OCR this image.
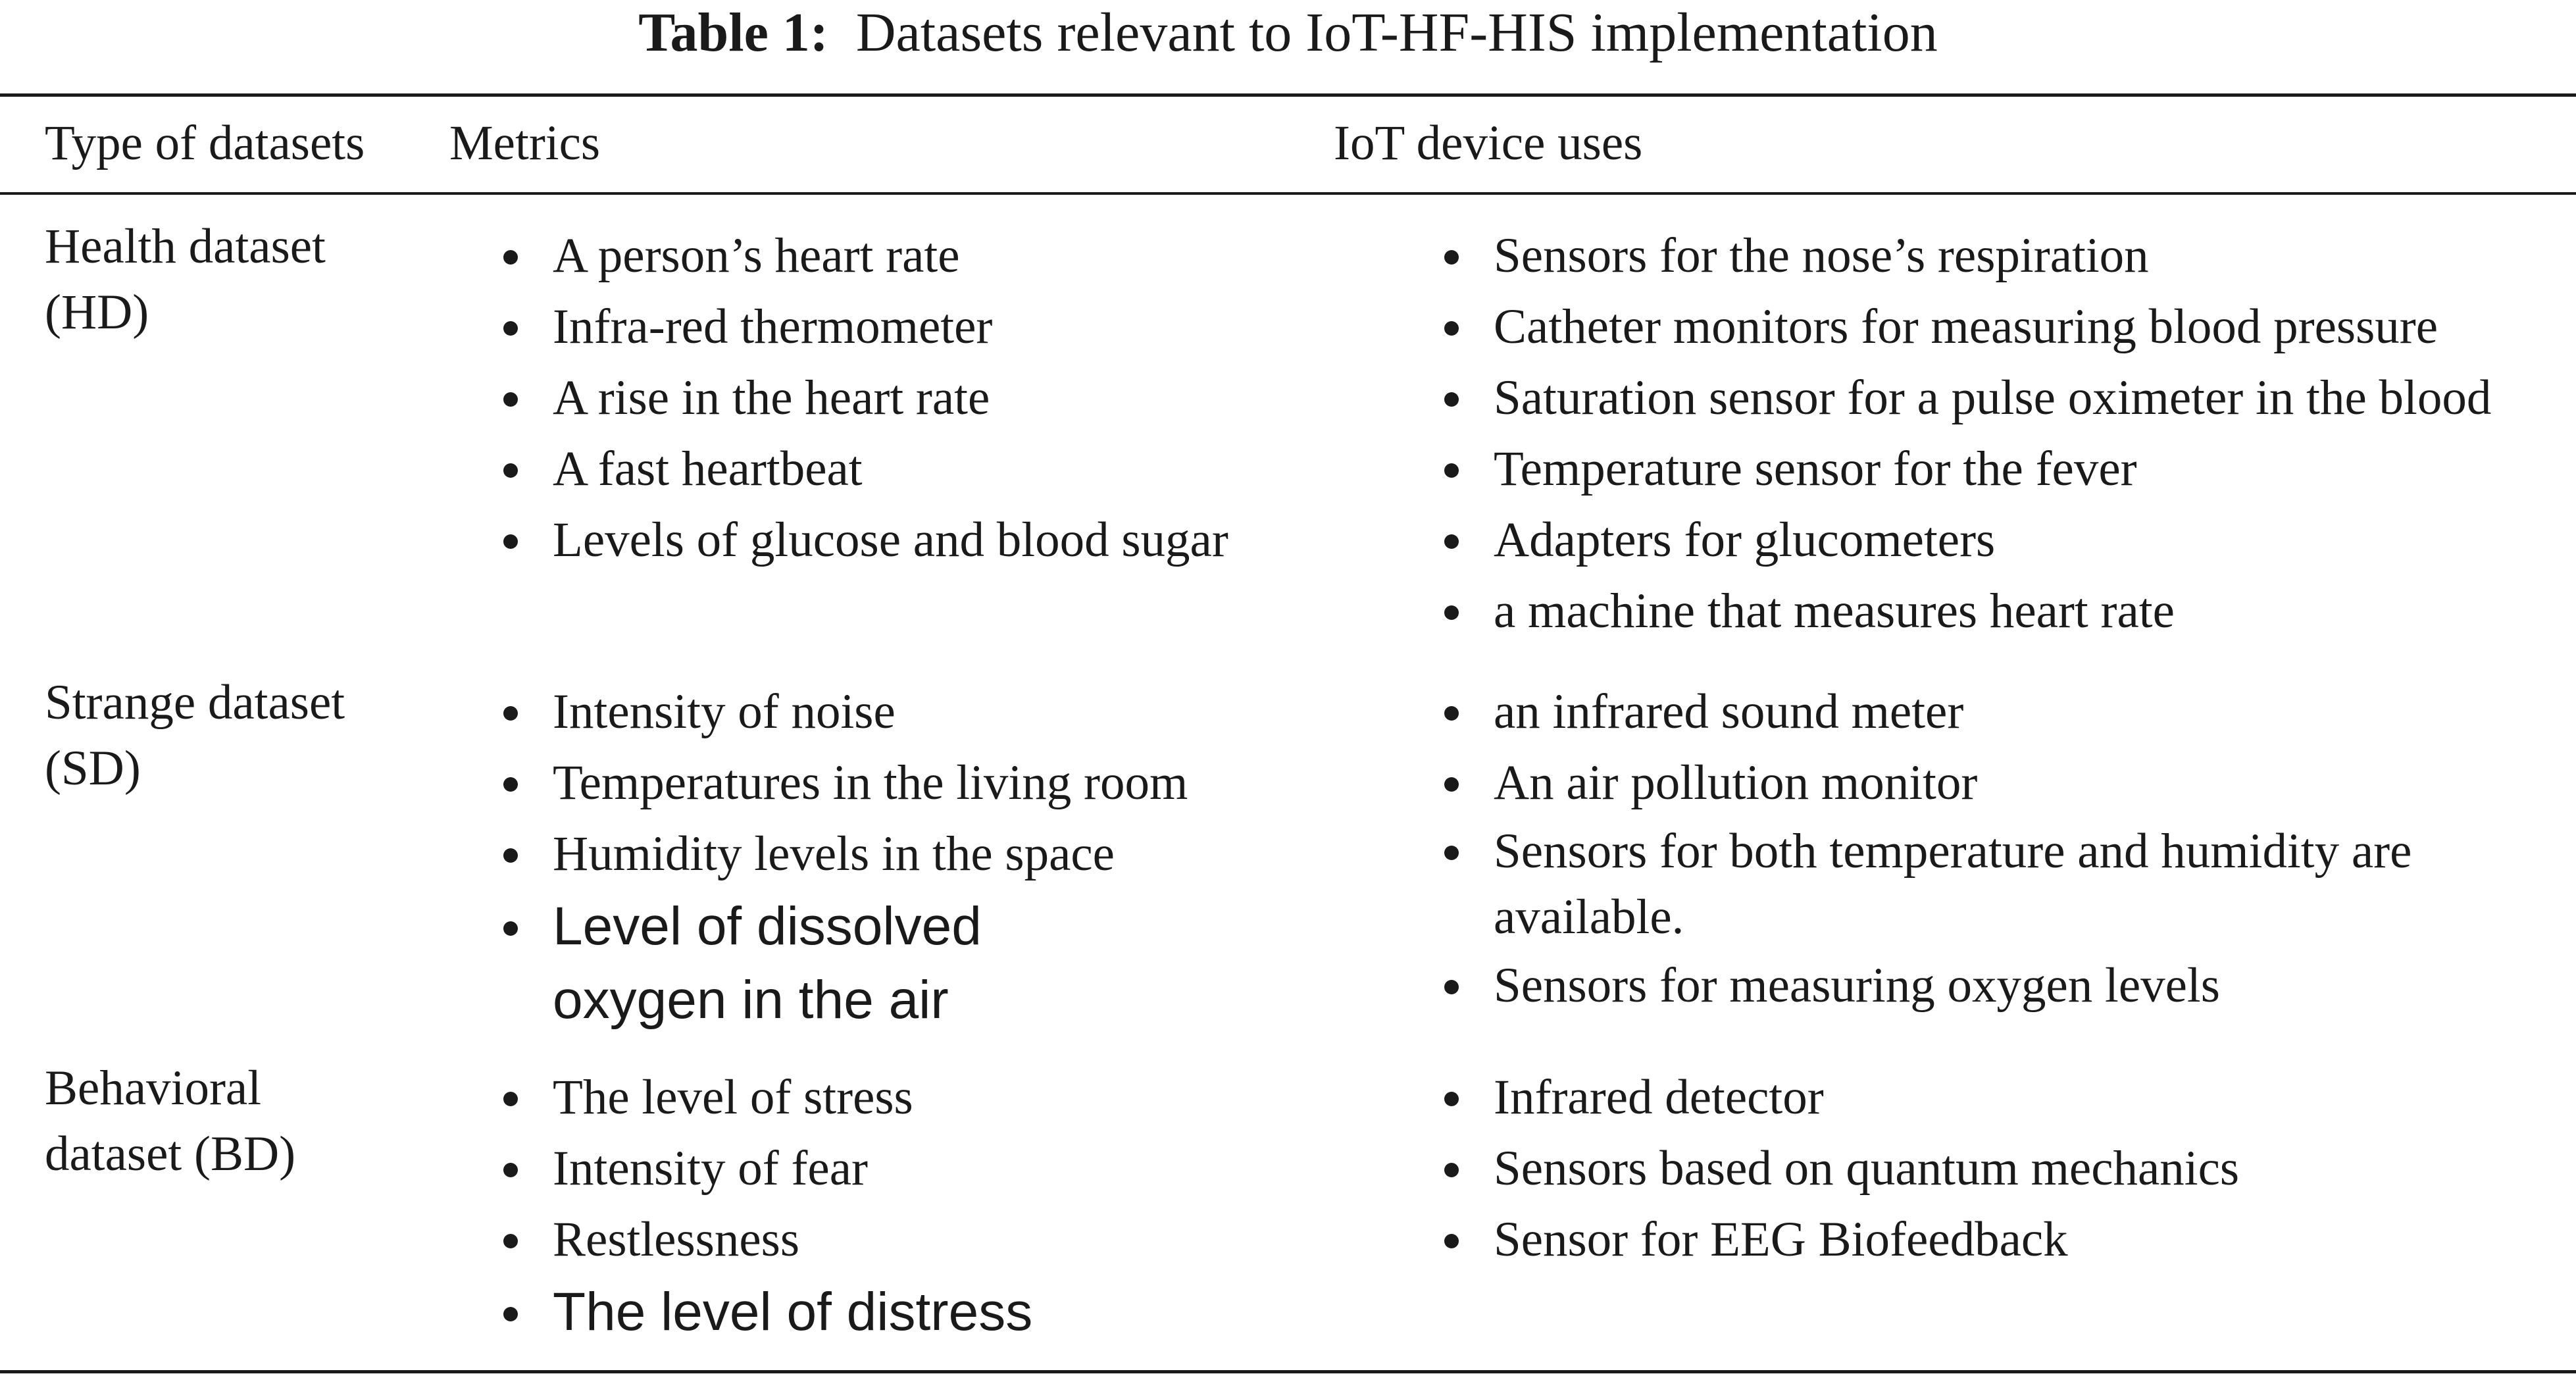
Table 1: Datasets relevant to IoT-HF-HIS implementation
Type of datasets Metrics	IoT device uses
Health dataset
(HD)
A person’s heart rate
Infra-red thermometer
A rise in the heart rate
A fast heartbeat
Levels of glucose and blood sugar
Sensors for the nose’s respiration
Catheter monitors for measuring blood pressure
Saturation sensor for a pulse oximeter in the blood
Temperature sensor for the fever
Adapters for glucometers
a machine that measures heart rate
Strange dataset
(SD)
Intensity of noise
Temperatures in the living room
Humidity levels in the space
Level of dissolved oxygen in the air
an infrared sound meter
An air pollution monitor
Sensors for both temperature and humidity are available.
Sensors for measuring oxygen levels
Behavioral
dataset (BD)
The level of stress
Intensity of fear
Restlessness
The level of distress
Infrared detector
Sensors based on quantum mechanics
Sensor for EEG Biofeedback
